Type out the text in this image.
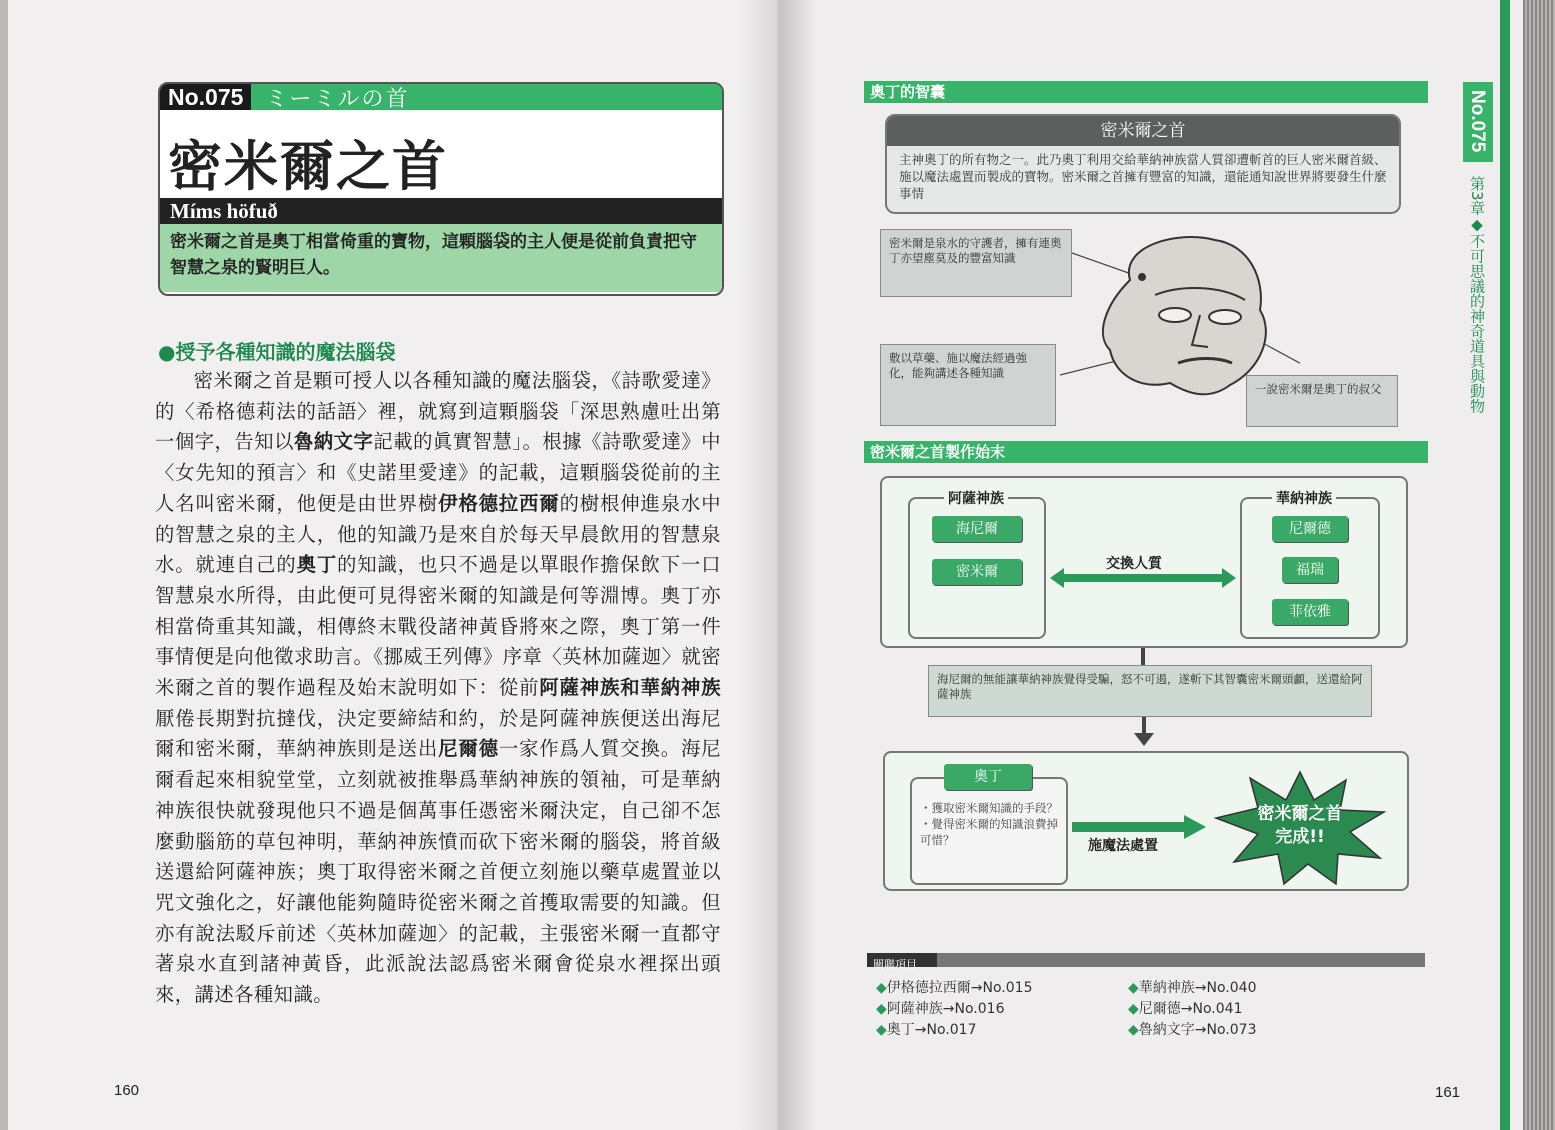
No.075	ミーミルの首
密米爾之首
Míms höfuð
密米爾之首是奧丁相當倚重的寶物，這顆腦袋的主人便是從前負責把守智慧之泉的賢明巨人。
●授予各種知識的魔法腦袋

密米爾之首是顆可授人以各種知識的魔法腦袋，《詩歌愛達》的〈希格德莉法的話語〉裡，就寫到這顆腦袋「深思熟慮吐出第一個字，告知以魯納文字記載的眞實智慧」。根據《詩歌愛達》中〈女先知的預言〉和《史諾里愛達》的記載，這顆腦袋從前的主人名叫密米爾，他便是由世界樹伊格德拉西爾的樹根伸進泉水中的智慧之泉的主人，他的知識乃是來自於每天早晨飲用的智慧泉水。就連自己的奧丁的知識，也只不過是以單眼作擔保飲下一口智慧泉水所得，由此便可見得密米爾的知識是何等淵博。奧丁亦相當倚重其知識，相傳終末戰役諸神黃昏將來之際，奧丁第一件事情便是向他徵求助言。《挪威王列傳》序章〈英林加薩迦〉就密米爾之首的製作過程及始末說明如下：從前阿薩神族和華納神族厭倦長期對抗撻伐，決定要締結和約，於是阿薩神族便送出海尼爾和密米爾，華納神族則是送出尼爾德一家作爲人質交換。海尼爾看起來相貌堂堂，立刻就被推舉爲華納神族的領袖，可是華納神族很快就發現他只不過是個萬事任憑密米爾決定，自己卻不怎麼動腦筋的草包神明，華納神族憤而砍下密米爾的腦袋，將首級送還給阿薩神族；奧丁取得密米爾之首便立刻施以藥草處置並以咒文強化之，好讓他能夠隨時從密米爾之首擭取需要的知識。但亦有說法駁斥前述〈英林加薩迦〉的記載，主張密米爾一直都守著泉水直到諸神黃昏，此派說法認爲密米爾會從泉水裡探出頭來，講述各種知識。

160
奧丁的智囊
密米爾之首
主神奧丁的所有物之一。此乃奧丁利用交給華納神族當人質卻遭斬首的巨人密米爾首級、施以魔法處置而製成的寶物。密米爾之首擁有豐富的知識，還能通知說世界將要發生什麼事情
密米爾是泉水的守護者，擁有連奧丁亦望塵莫及的豐富知識
敷以草藥、施以魔法經過強化，能夠講述各種知識
一說密米爾是奧丁的叔父
密米爾之首製作始末
阿薩神族
海尼爾
密米爾
華納神族
尼爾德
福瑞
菲依雅
交換人質
海尼爾的無能讓華納神族覺得受騙，怒不可遏，遂斬下其智囊密米爾頭顱，送還給阿薩神族
奧丁
・獲取密米爾知識的手段？
・覺得密米爾的知識浪費掉可惜？	施魔法處置
密米爾之首
完成!!
關聯項目
◆伊格德拉西爾→No.015
◆阿薩神族→No.016
◆奧丁→No.017
◆華納神族→No.040
◆尼爾德→No.041
◆魯納文字→No.073
No.075
第3章◆不可思議的神奇道具與動物
161
